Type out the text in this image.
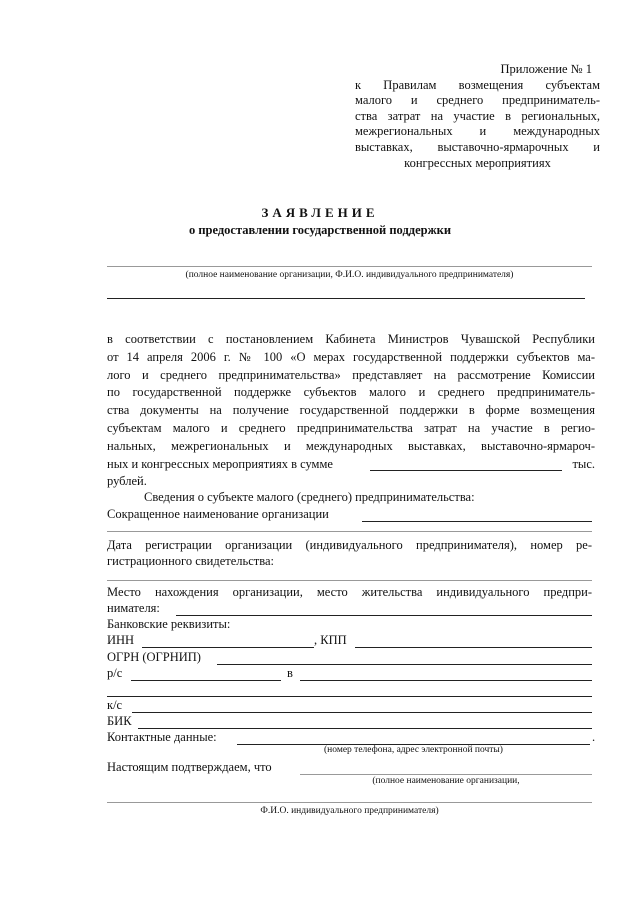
Приложение № 1
к Правилам возмещения субъектам
малого и среднего предприниматель-
ства затрат на участие в региональных,
межрегиональных и международных
выставках, выставочно-ярмарочных и
конгрессных мероприятиях
ЗАЯВЛЕНИЕ
о предоставлении государственной поддержки
(полное наименование организации, Ф.И.О. индивидуального предпринимателя)
в соответствии с постановлением Кабинета Министров Чувашской Республики
от 14 апреля 2006 г. № 100 «О мерах государственной поддержки субъектов ма-
лого и среднего предпринимательства» представляет на рассмотрение Комиссии
по государственной поддержке субъектов малого и среднего предприниматель-
ства документы на получение государственной поддержки в форме возмещения
субъектам малого и среднего предпринимательства затрат на участие в регио-
нальных, межрегиональных и международных выставках, выставочно-ярмароч-
ных и конгрессных мероприятиях в сумме	тыс.
рублей.
Сведения о субъекте малого (среднего) предпринимательства:
Сокращенное наименование организации
Дата регистрации организации (индивидуального предпринимателя), номер ре-
гистрационного свидетельства:
Место нахождения организации, место жительства индивидуального предпри-
нимателя:
Банковские реквизиты:
ИНН	, КПП
ОГРН (ОГРНИП)
р/с	в
к/с
БИК
Контактные данные:	.
(номер телефона, адрес электронной почты)
Настоящим подтверждаем, что
(полное наименование организации,
Ф.И.О. индивидуального предпринимателя)
